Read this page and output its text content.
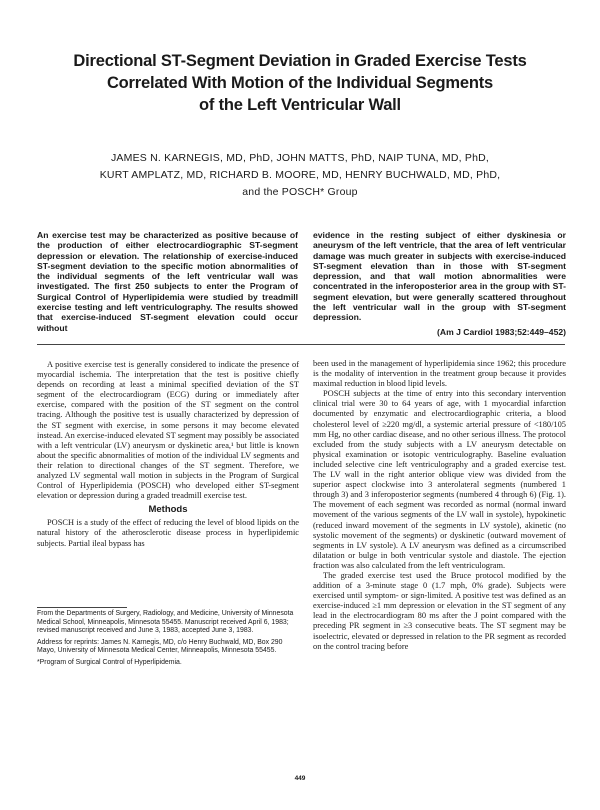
Directional ST-Segment Deviation in Graded Exercise Tests
Correlated With Motion of the Individual Segments
of the Left Ventricular Wall
JAMES N. KARNEGIS, MD, PhD, JOHN MATTS, PhD, NAIP TUNA, MD, PhD,
KURT AMPLATZ, MD, RICHARD B. MOORE, MD, HENRY BUCHWALD, MD, PhD,
and the POSCH* Group
An exercise test may be characterized as positive because of the production of either electrocardiographic ST-segment depression or elevation. The relationship of exercise-induced ST-segment deviation to the specific motion abnormalities of the individual segments of the left ventricular wall was investigated. The first 250 subjects to enter the Program of Surgical Control of Hyperlipidemia were studied by treadmill exercise testing and left ventriculography. The results showed that exercise-induced ST-segment elevation could occur without
evidence in the resting subject of either dyskinesia or aneurysm of the left ventricle, that the area of left ventricular damage was much greater in subjects with exercise-induced ST-segment elevation than in those with ST-segment depression, and that wall motion abnormalities were concentrated in the inferoposterior area in the group with ST-segment elevation, but were generally scattered throughout the left ventricular wall in the group with ST-segment depression.
(Am J Cardiol 1983;52:449–452)

A positive exercise test is generally considered to indicate the presence of myocardial ischemia. The interpretation that the test is positive chiefly depends on recording at least a minimal specified deviation of the ST segment of the electrocardiogram (ECG) during or immediately after exercise, compared with the position of the ST segment on the control tracing. Although the positive test is usually characterized by depression of the ST segment with exercise, in some persons it may become elevated instead. An exercise-induced elevated ST segment may possibly be associated with a left ventricular (LV) aneurysm or dyskinetic area,¹ but little is known about the specific abnormalities of motion of the individual LV segments and their relation to directional changes of the ST segment. Therefore, we analyzed LV segmental wall motion in subjects in the Program of Surgical Control of Hyperlipidemia (POSCH) who developed either ST-segment elevation or depression during a graded treadmill exercise test.

Methods

POSCH is a study of the effect of reducing the level of blood lipids on the natural history of the atherosclerotic disease process in hyperlipidemic subjects. Partial ileal bypass has

been used in the management of hyperlipidemia since 1962; this procedure is the modality of intervention in the treatment group because it provides maximal reduction in blood lipid levels.

POSCH subjects at the time of entry into this secondary intervention clinical trial were 30 to 64 years of age, with 1 myocardial infarction documented by enzymatic and electrocardiographic criteria, a blood cholesterol level of ≥220 mg/dl, a systemic arterial pressure of <180/105 mm Hg, no other cardiac disease, and no other serious illness. The protocol excluded from the study subjects with a LV aneurysm detectable on physical examination or isotopic ventriculography. Baseline evaluation included selective cine left ventriculography and a graded exercise test. The LV wall in the right anterior oblique view was divided from the superior aspect clockwise into 3 anterolateral segments (numbered 1 through 3) and 3 inferoposterior segments (numbered 4 through 6) (Fig. 1). The movement of each segment was recorded as normal (normal inward movement of the various segments of the LV wall in systole), hypokinetic (reduced inward movement of the segments in LV systole), akinetic (no systolic movement of the segments) or dyskinetic (outward movement of segments in LV systole). A LV aneurysm was defined as a circumscribed dilatation or bulge in both ventricular systole and diastole. The ejection fraction was also calculated from the left ventriculogram.

The graded exercise test used the Bruce protocol modified by the addition of a 3-minute stage 0 (1.7 mph, 0% grade). Subjects were exercised until symptom- or sign-limited. A positive test was defined as an exercise-induced ≥1 mm depression or elevation in the ST segment of any lead in the electrocardiogram 80 ms after the J point compared with the preceding PR segment in ≥3 consecutive beats. The ST segment may be isoelectric, elevated or depressed in relation to the PR segment as recorded on the control tracing before

From the Departments of Surgery, Radiology, and Medicine, University of Minnesota Medical School, Minneapolis, Minnesota 55455. Manuscript received April 6, 1983; revised manuscript received and June 3, 1983, accepted June 3, 1983.

Address for reprints: James N. Karnegis, MD, c/o Henry Buchwald, MD, Box 290 Mayo, University of Minnesota Medical Center, Minneapolis, Minnesota 55455.

*Program of Surgical Control of Hyperlipidemia.

449
